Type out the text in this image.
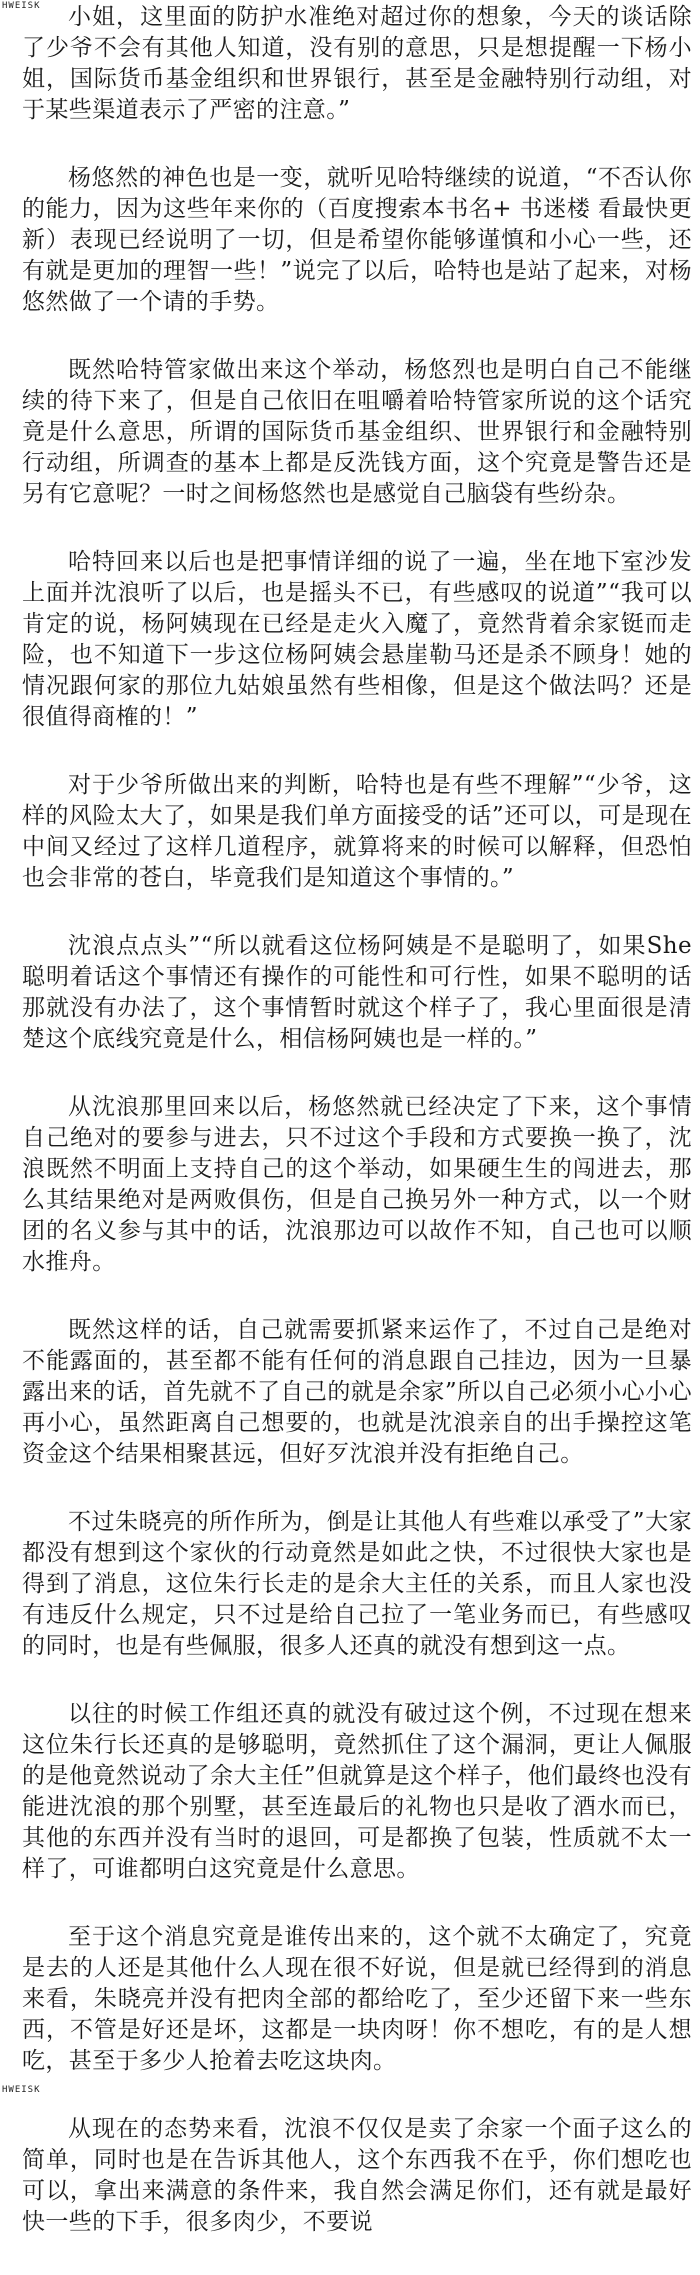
HWEISK	小姐，这里面的防护水准绝对超过你的想象，今天的谈话除了少爷不会有其他人知道，没有别的意思，只是想提醒一下杨小姐，国际货币基金组织和世界银行，甚至是金融特别行动组，对于某些渠道表示了严密的注意。”

杨悠然的神色也是一变，就听见哈特继续的说道，“不否认你的能力，因为这些年来你的（百度搜索本书名+ 书迷楼 看最快更新）表现已经说明了一切，但是希望你能够谨慎和小心一些，还有就是更加的理智一些！”说完了以后，哈特也是站了起来，对杨悠然做了一个请的手势。

既然哈特管家做出来这个举动，杨悠烈也是明白自己不能继续的待下来了，但是自己依旧在咀嚼着哈特管家所说的这个话究竟是什么意思，所谓的国际货币基金组织、世界银行和金融特别行动组，所调查的基本上都是反洗钱方面，这个究竟是警告还是另有它意呢？一时之间杨悠然也是感觉自己脑袋有些纷杂。

哈特回来以后也是把事情详细的说了一遍，坐在地下室沙发上面并沈浪听了以后，也是摇头不已，有些感叹的说道”“我可以肯定的说，杨阿姨现在已经是走火入魔了，竟然背着余家铤而走险，也不知道下一步这位杨阿姨会悬崖勒马还是杀不顾身！她的情况跟何家的那位九姑娘虽然有些相像，但是这个做法吗？还是很值得商榷的！”

对于少爷所做出来的判断，哈特也是有些不理解”“少爷，这样的风险太大了，如果是我们单方面接受的话”还可以，可是现在中间又经过了这样几道程序，就算将来的时候可以解释，但恐怕也会非常的苍白，毕竟我们是知道这个事情的。”

沈浪点点头”“所以就看这位杨阿姨是不是聪明了，如果She聪明着话这个事情还有操作的可能性和可行性，如果不聪明的话那就没有办法了，这个事情暂时就这个样子了，我心里面很是清楚这个底线究竟是什么，相信杨阿姨也是一样的。”

从沈浪那里回来以后，杨悠然就已经决定了下来，这个事情自己绝对的要参与进去，只不过这个手段和方式要换一换了，沈浪既然不明面上支持自己的这个举动，如果硬生生的闯进去，那么其结果绝对是两败俱伤，但是自己换另外一种方式，以一个财团的名义参与其中的话，沈浪那边可以故作不知，自己也可以顺水推舟。

既然这样的话，自己就需要抓紧来运作了，不过自己是绝对不能露面的，甚至都不能有任何的消息跟自己挂边，因为一旦暴露出来的话，首先就不了自己的就是余家”所以自己必须小心小心再小心，虽然距离自己想要的，也就是沈浪亲自的出手操控这笔资金这个结果相聚甚远，但好歹沈浪并没有拒绝自己。

不过朱晓亮的所作所为，倒是让其他人有些难以承受了”大家都没有想到这个家伙的行动竟然是如此之快，不过很快大家也是得到了消息，这位朱行长走的是余大主任的关系，而且人家也没有违反什么规定，只不过是给自己拉了一笔业务而已，有些感叹的同时，也是有些佩服，很多人还真的就没有想到这一点。

以往的时候工作组还真的就没有破过这个例，不过现在想来这位朱行长还真的是够聪明，竟然抓住了这个漏洞，更让人佩服的是他竟然说动了余大主任”但就算是这个样子，他们最终也没有能进沈浪的那个别墅，甚至连最后的礼物也只是收了酒水而已，其他的东西并没有当时的退回，可是都换了包装，性质就不太一样了，可谁都明白这究竟是什么意思。

至于这个消息究竟是谁传出来的，这个就不太确定了，究竟是去的人还是其他什么人现在很不好说，但是就已经得到的消息来看，朱晓亮并没有把肉全部的都给吃了，至少还留下来一些东西，不管是好还是坏，这都是一块肉呀！你不想吃，有的是人想吃，甚至于多少人抢着去吃这块肉。

从现在的态势来看，沈浪不仅仅是卖了余家一个面子这么的简单，同时也是在告诉其他人，这个东西我不在乎，你们想吃也可以，拿出来满意的条件来，我自然会满足你们，还有就是最好快一些的下手，很多肉少，不要说

HWEISK
